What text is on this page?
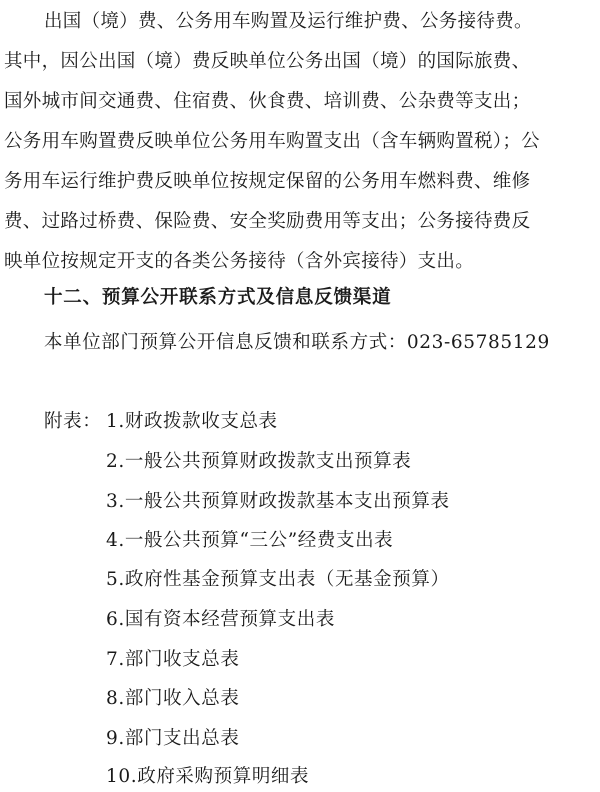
出国（境）费、公务用车购置及运行维护费、公务接待费。
其中，因公出国（境）费反映单位公务出国（境）的国际旅费、
国外城市间交通费、住宿费、伙食费、培训费、公杂费等支出；
公务用车购置费反映单位公务用车购置支出（含车辆购置税）；公
务用车运行维护费反映单位按规定保留的公务用车燃料费、维修
费、过路过桥费、保险费、安全奖励费用等支出；公务接待费反
映单位按规定开支的各类公务接待（含外宾接待）支出。
十二、预算公开联系方式及信息反馈渠道
本单位部门预算公开信息反馈和联系方式：023-65785129
附表： 1.财政拨款收支总表
2.一般公共预算财政拨款支出预算表
3.一般公共预算财政拨款基本支出预算表
4.一般公共预算“三公”经费支出表
5.政府性基金预算支出表（无基金预算）
6.国有资本经营预算支出表
7.部门收支总表
8.部门收入总表
9.部门支出总表
10.政府采购预算明细表
